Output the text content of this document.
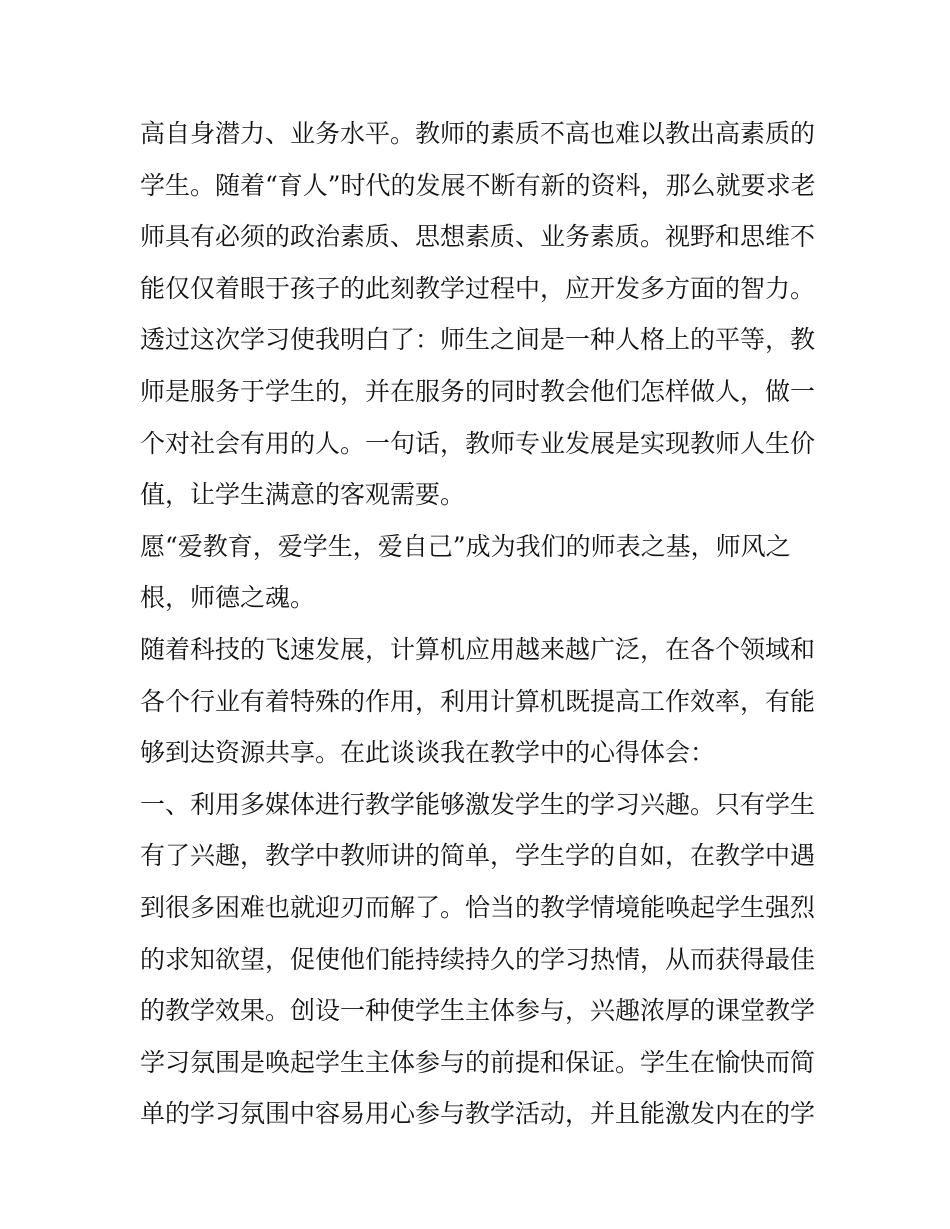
高自身潜力、业务水平。教师的素质不高也难以教出高素质的
学生。随着“育人”时代的发展不断有新的资料，那么就要求老
师具有必须的政治素质、思想素质、业务素质。视野和思维不
能仅仅着眼于孩子的此刻教学过程中，应开发多方面的智力。
透过这次学习使我明白了：师生之间是一种人格上的平等，教
师是服务于学生的，并在服务的同时教会他们怎样做人，做一
个对社会有用的人。一句话，教师专业发展是实现教师人生价
值，让学生满意的客观需要。
愿“爱教育，爱学生，爱自己”成为我们的师表之基，师风之
根，师德之魂。
随着科技的飞速发展，计算机应用越来越广泛，在各个领域和
各个行业有着特殊的作用，利用计算机既提高工作效率，有能
够到达资源共享。在此谈谈我在教学中的心得体会：
一、利用多媒体进行教学能够激发学生的学习兴趣。只有学生
有了兴趣，教学中教师讲的简单，学生学的自如，在教学中遇
到很多困难也就迎刃而解了。恰当的教学情境能唤起学生强烈
的求知欲望，促使他们能持续持久的学习热情，从而获得最佳
的教学效果。创设一种使学生主体参与，兴趣浓厚的课堂教学
学习氛围是唤起学生主体参与的前提和保证。学生在愉快而简
单的学习氛围中容易用心参与教学活动，并且能激发内在的学
